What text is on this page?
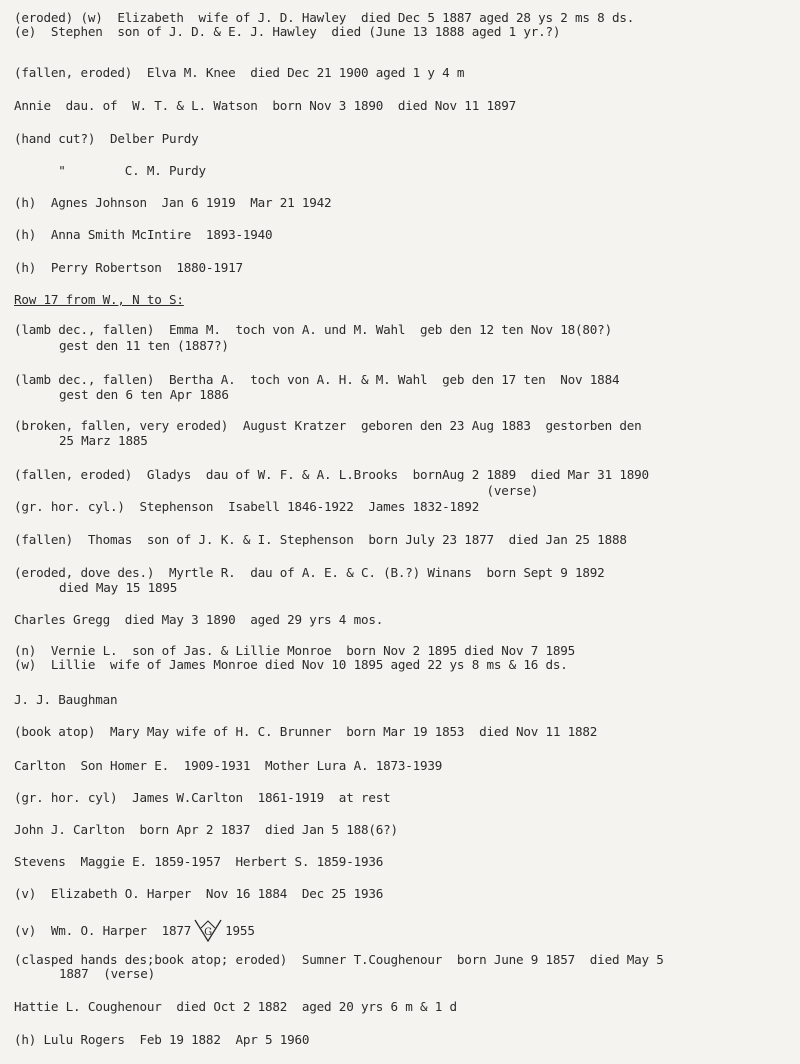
(eroded) (w)  Elizabeth  wife of J. D. Hawley  died Dec 5 1887 aged 28 ys 2 ms 8 ds.
(e)  Stephen  son of J. D. & E. J. Hawley  died (June 13 1888 aged 1 yr.?)
(fallen, eroded)  Elva M. Knee  died Dec 21 1900 aged 1 y 4 m
Annie  dau. of  W. T. & L. Watson  born Nov 3 1890  died Nov 11 1897
(hand cut?)  Delber Purdy
"        C. M. Purdy
(h)  Agnes Johnson  Jan 6 1919  Mar 21 1942
(h)  Anna Smith McIntire  1893-1940
(h)  Perry Robertson  1880-1917
Row 17 from W., N to S:
(lamb dec., fallen)  Emma M.  toch von A. und M. Wahl  geb den 12 ten Nov 18(80?)
gest den 11 ten (1887?)
(lamb dec., fallen)  Bertha A.  toch von A. H. & M. Wahl  geb den 17 ten  Nov 1884
gest den 6 ten Apr 1886
(broken, fallen, very eroded)  August Kratzer  geboren den 23 Aug 1883  gestorben den
25 Marz 1885
(fallen, eroded)  Gladys  dau of W. F. & A. L.Brooks  bornAug 2 1889  died Mar 31 1890
(verse)
(gr. hor. cyl.)  Stephenson  Isabell 1846-1922  James 1832-1892
(fallen)  Thomas  son of J. K. & I. Stephenson  born July 23 1877  died Jan 25 1888
(eroded, dove des.)  Myrtle R.  dau of A. E. & C. (B.?) Winans  born Sept 9 1892
died May 15 1895
Charles Gregg  died May 3 1890  aged 29 yrs 4 mos.
(n)  Vernie L.  son of Jas. & Lillie Monroe  born Nov 2 1895 died Nov 7 1895
(w)  Lillie  wife of James Monroe died Nov 10 1895 aged 22 ys 8 ms & 16 ds.
J. J. Baughman
(book atop)  Mary May wife of H. C. Brunner  born Mar 19 1853  died Nov 11 1882
Carlton  Son Homer E.  1909-1931  Mother Lura A. 1873-1939
(gr. hor. cyl)  James W.Carlton  1861-1919  at rest
John J. Carlton  born Apr 2 1837  died Jan 5 188(6?)
Stevens  Maggie E. 1859-1957  Herbert S. 1859-1936
(v)  Elizabeth O. Harper  Nov 16 1884  Dec 25 1936
(v)  Wm. O. Harper  1877 G 1955
(clasped hands des;book atop; eroded)  Sumner T.Coughenour  born June 9 1857  died May 5
1887  (verse)
Hattie L. Coughenour  died Oct 2 1882  aged 20 yrs 6 m & 1 d
(h) Lulu Rogers  Feb 19 1882  Apr 5 1960
